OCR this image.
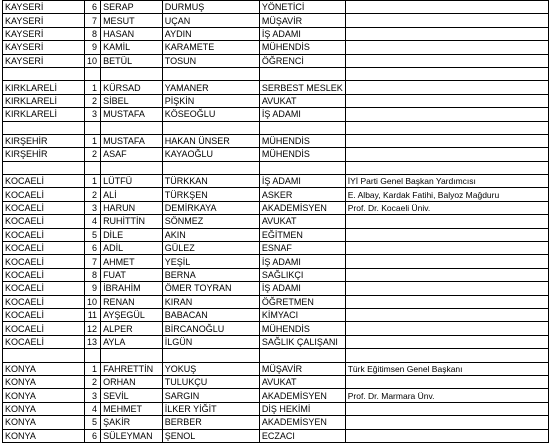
KAYSERİ	6	SERAP	DURMUŞ	YÖNETİCİ	
KAYSERİ	7	MESUT	UÇAN	MÜŞAVİR	
KAYSERİ	8	HASAN	AYDIN	İŞ ADAMI	
KAYSERİ	9	KAMİL	KARAMETE	MÜHENDİS	
KAYSERİ	10	BETÜL	TOSUN	ÖĞRENCİ	

KIRKLARELİ	1	KÜRSAD	YAMANER	SERBEST MESLEK	
KIRKLARELİ	2	SİBEL	PİŞKİN	AVUKAT	
KIRKLARELİ	3	MUSTAFA	KÖSEOĞLU	İŞ ADAMI	

KIRŞEHİR	1	MUSTAFA	HAKAN ÜNSER	MÜHENDİS	
KIRŞEHİR	2	ASAF	KAYAOĞLU	MÜHENDİS	

KOCAELİ	1	LÜTFÜ	TÜRKKAN	İŞ ADAMI	İYİ Parti Genel Başkan Yardımcısı
KOCAELİ	2	ALİ	TÜRKŞEN	ASKER	E. Albay, Kardak Fatihi, Balyoz Mağduru
KOCAELİ	3	HARUN	DEMİRKAYA	AKADEMİSYEN	Prof. Dr. Kocaeli Üniv.
KOCAELİ	4	RUHİTTİN	SÖNMEZ	AVUKAT	
KOCAELİ	5	DİLE	AKIN	EĞİTMEN	
KOCAELİ	6	ADİL	GÜLEZ	ESNAF	
KOCAELİ	7	AHMET	YEŞİL	İŞ ADAMI	
KOCAELİ	8	FUAT	BERNA	SAĞLIKÇI	
KOCAELİ	9	İBRAHİM	ÖMER TOYRAN	İŞ ADAMI	
KOCAELİ	10	RENAN	KIRAN	ÖĞRETMEN	
KOCAELİ	11	AYŞEGÜL	BABACAN	KİMYACI	
KOCAELİ	12	ALPER	BİRCANOĞLU	MÜHENDİS	
KOCAELİ	13	AYLA	İLGÜN	SAĞLIK ÇALIŞANI	

KONYA	1	FAHRETTİN	YOKUŞ	MÜŞAVİR	Türk Eğitimsen Genel Başkanı
KONYA	2	ORHAN	TULUKÇU	AVUKAT	
KONYA	3	SEVİL	SARGIN	AKADEMİSYEN	Prof. Dr. Marmara Ünv.
KONYA	4	MEHMET	İLKER YİĞİT	DİŞ HEKİMİ	
KONYA	5	ŞAKİR	BERBER	AKADEMİSYEN	
KONYA	6	SÜLEYMAN	ŞENOL	ECZACI	
